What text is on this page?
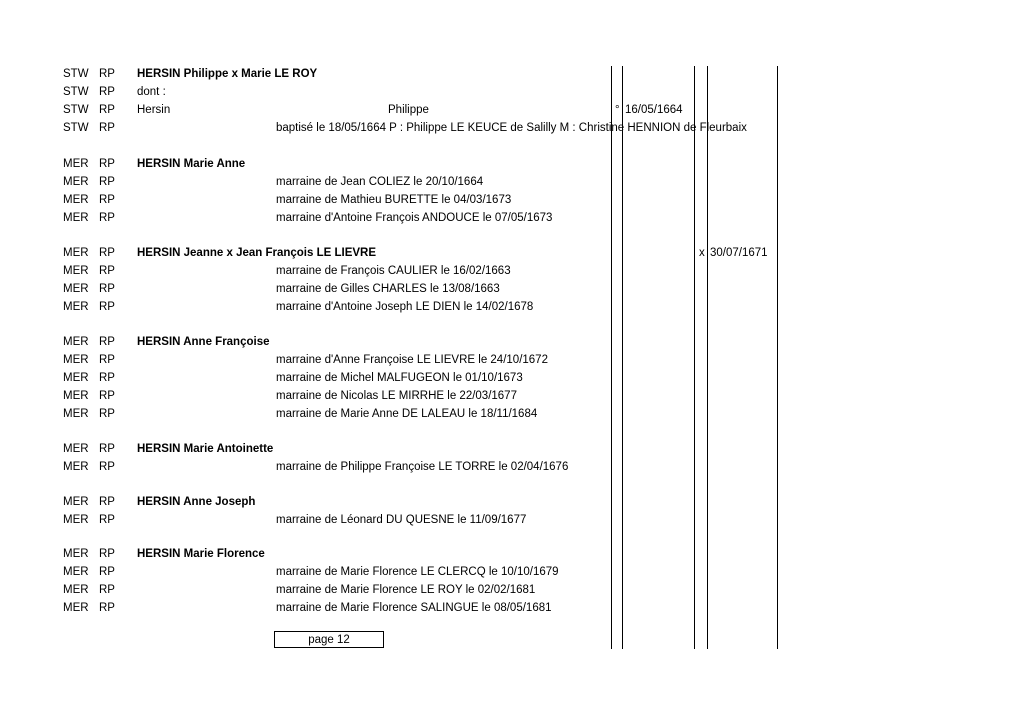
STW RP HERSIN Philippe x Marie LE ROY
STW RP dont :
STW RP Hersin	Philippe	° 16/05/1664
STW RP	baptisé le 18/05/1664 P : Philippe LE KEUCE de Salilly M : Christine HENNION de Fleurbaix
MER RP HERSIN Marie Anne
MER RP	marraine de Jean COLIEZ le 20/10/1664
MER RP	marraine de Mathieu BURETTE le 04/03/1673
MER RP	marraine d'Antoine François ANDOUCE le 07/05/1673
MER RP HERSIN Jeanne x Jean François LE LIEVRE	x 30/07/1671
MER RP	marraine de François CAULIER le 16/02/1663
MER RP	marraine de Gilles CHARLES le 13/08/1663
MER RP	marraine d'Antoine Joseph LE DIEN le 14/02/1678
MER RP HERSIN Anne Françoise
MER RP	marraine d'Anne Françoise LE LIEVRE le 24/10/1672
MER RP	marraine de Michel MALFUGEON le 01/10/1673
MER RP	marraine de Nicolas LE MIRRHE le 22/03/1677
MER RP	marraine de Marie Anne DE LALEAU le 18/11/1684
MER RP HERSIN Marie Antoinette
MER RP	marraine de Philippe Françoise LE TORRE le 02/04/1676
MER RP HERSIN Anne Joseph
MER RP	marraine de Léonard DU QUESNE le 11/09/1677
MER RP HERSIN Marie Florence
MER RP	marraine de Marie Florence LE CLERCQ le 10/10/1679
MER RP	marraine de Marie Florence LE ROY le 02/02/1681
MER RP	marraine de Marie Florence SALINGUE le 08/05/1681
page 12
